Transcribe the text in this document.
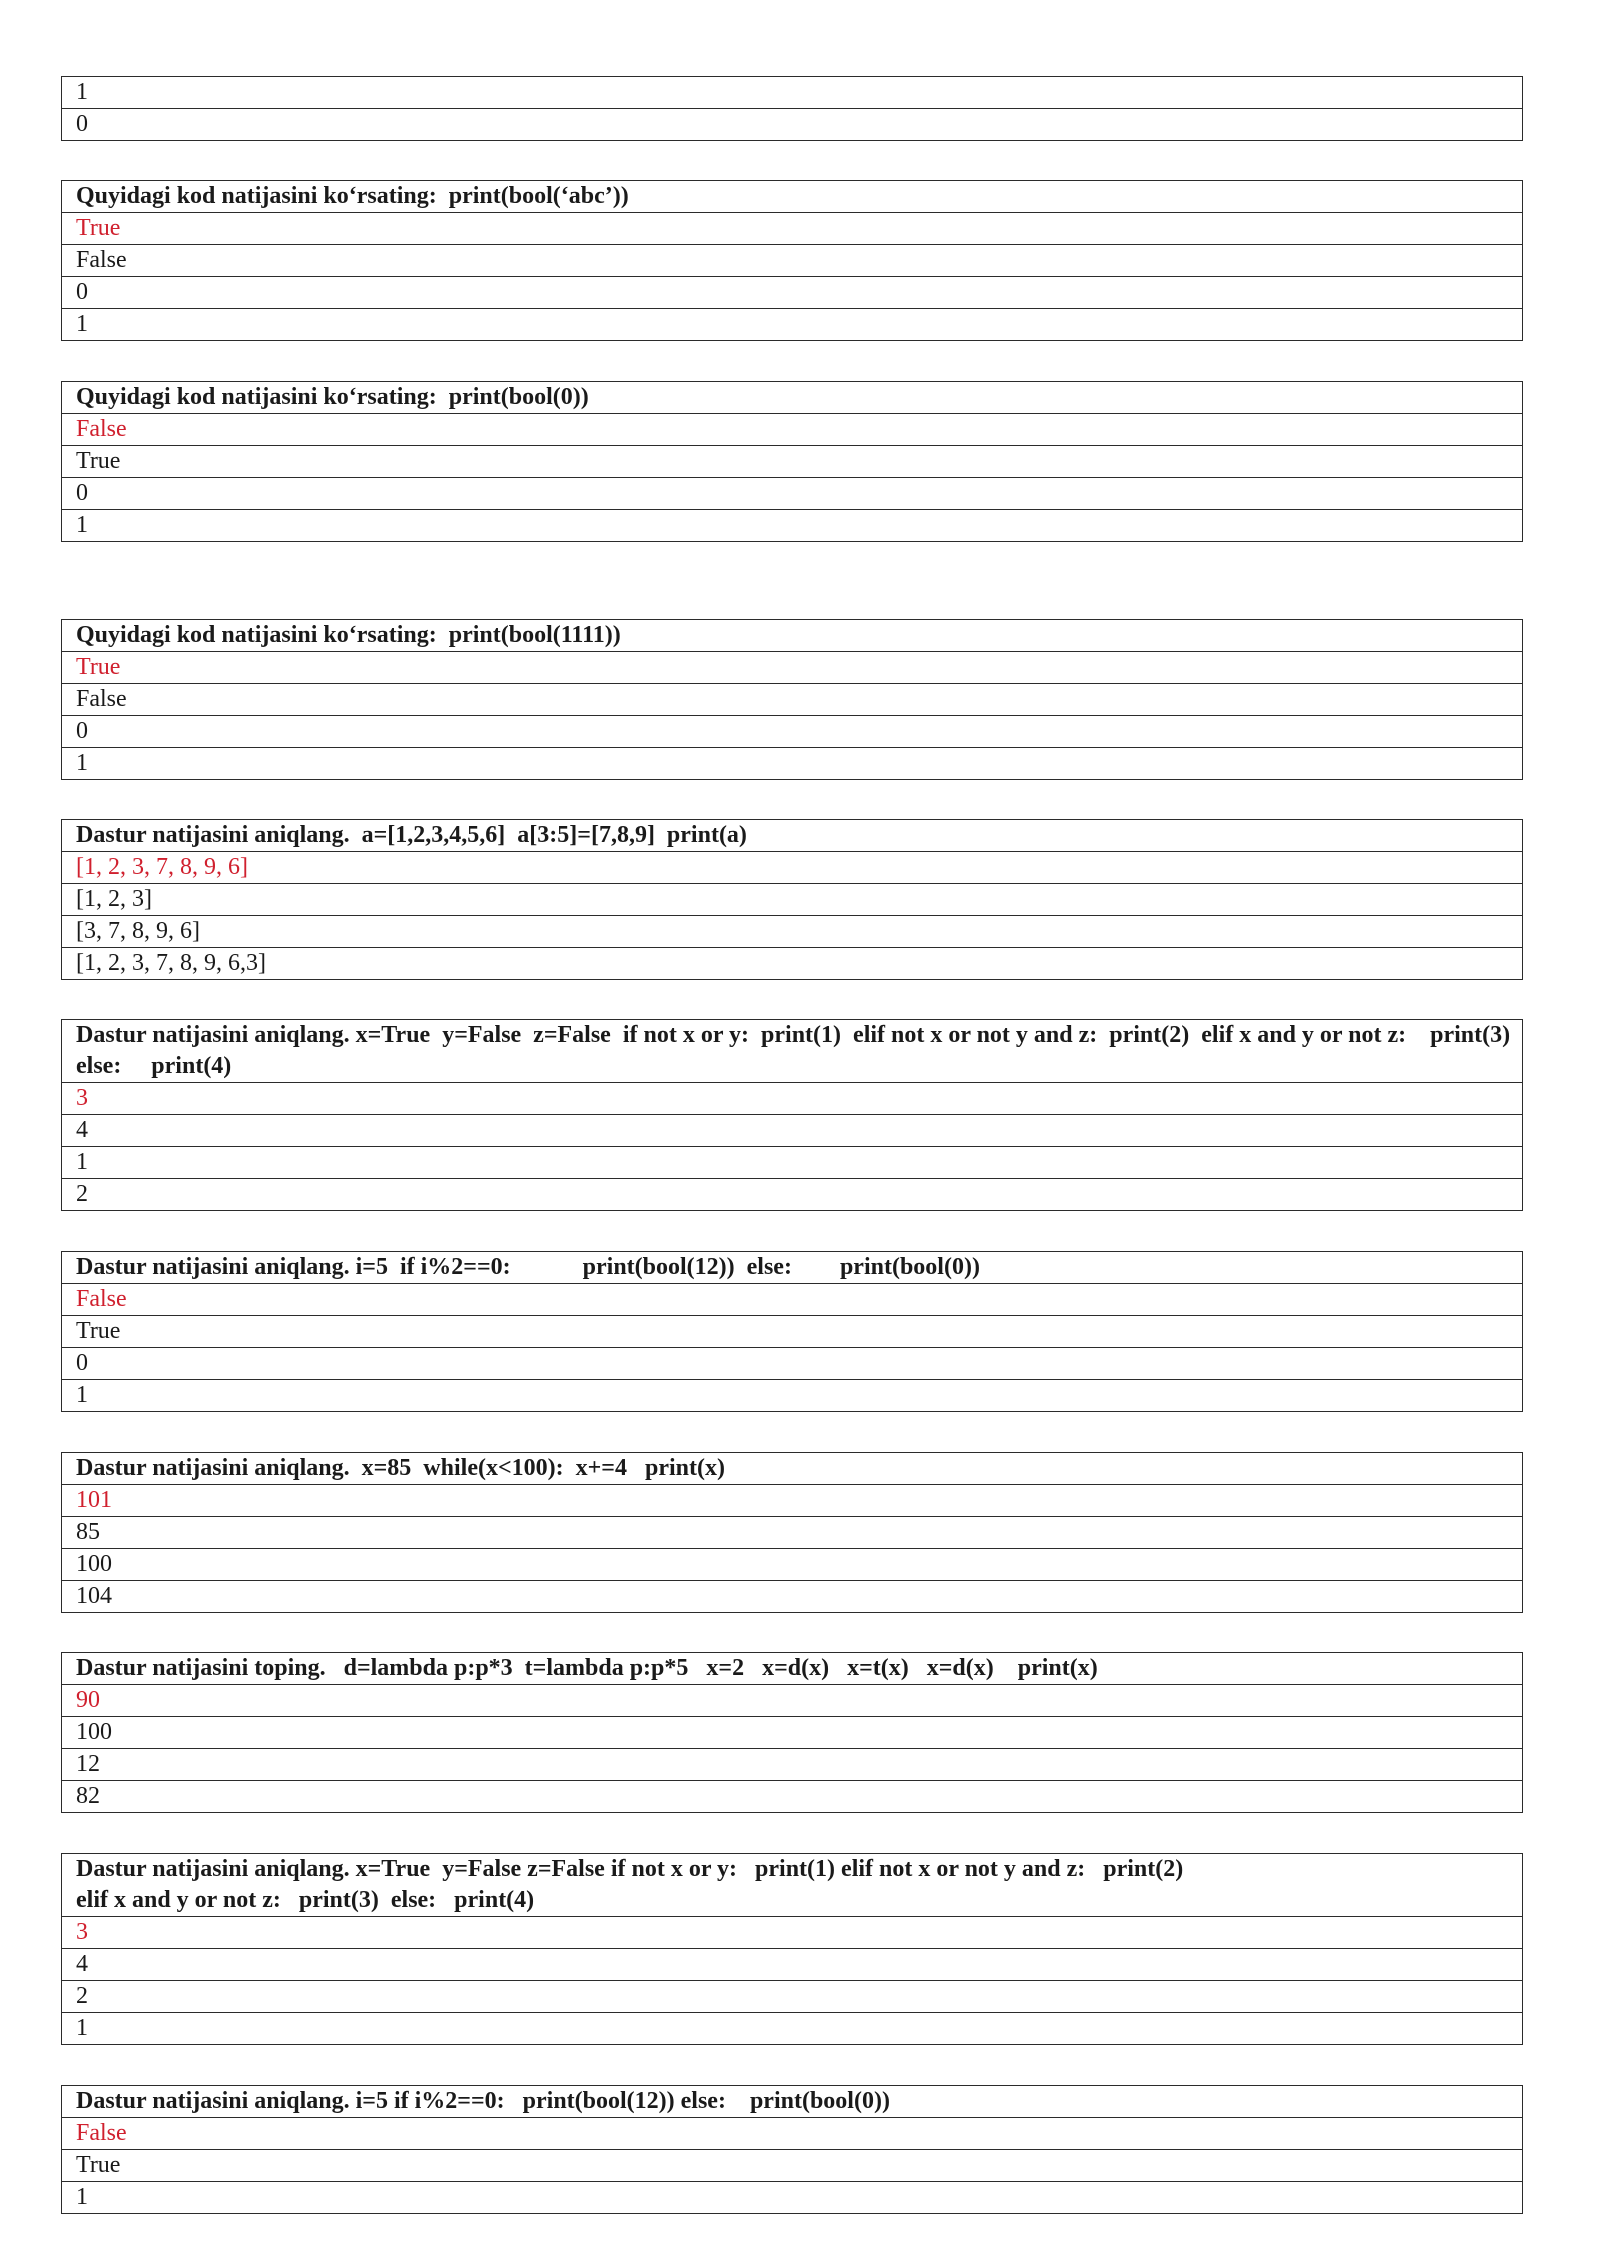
1
0
Quyidagi kod natijasini ko‘rsating:  print(bool(‘abc’))
True
False
0
1
Quyidagi kod natijasini ko‘rsating:  print(bool(0))
False
True
0
1
Quyidagi kod natijasini ko‘rsating:  print(bool(1111))
True
False
0
1
Dastur natijasini aniqlang.  a=[1,2,3,4,5,6]  a[3:5]=[7,8,9]  print(a)
[1, 2, 3, 7, 8, 9, 6]
[1, 2, 3]
[3, 7, 8, 9, 6]
[1, 2, 3, 7, 8, 9, 6,3]
Dastur natijasini aniqlang. x=True  y=False  z=False  if not x or y:  print(1)  elif not x or not y and z:  print(2)  elif x and y or not z:    print(3)  else:     print(4)
3
4
1
2
Dastur natijasini aniqlang. i=5  if i%2==0:            print(bool(12))  else:        print(bool(0))
False
True
0
1
Dastur natijasini aniqlang.  x=85  while(x<100):  x+=4   print(x)
101
85
100
104
Dastur natijasini toping.   d=lambda p:p*3  t=lambda p:p*5   x=2   x=d(x)   x=t(x)   x=d(x)    print(x)
90
100
12
82
Dastur natijasini aniqlang. x=True  y=False z=False if not x or y:   print(1) elif not x or not y and z:   print(2)
elif x and y or not z:   print(3)  else:   print(4)
3
4
2
1
Dastur natijasini aniqlang. i=5 if i%2==0:   print(bool(12)) else:    print(bool(0))
False
True
1
